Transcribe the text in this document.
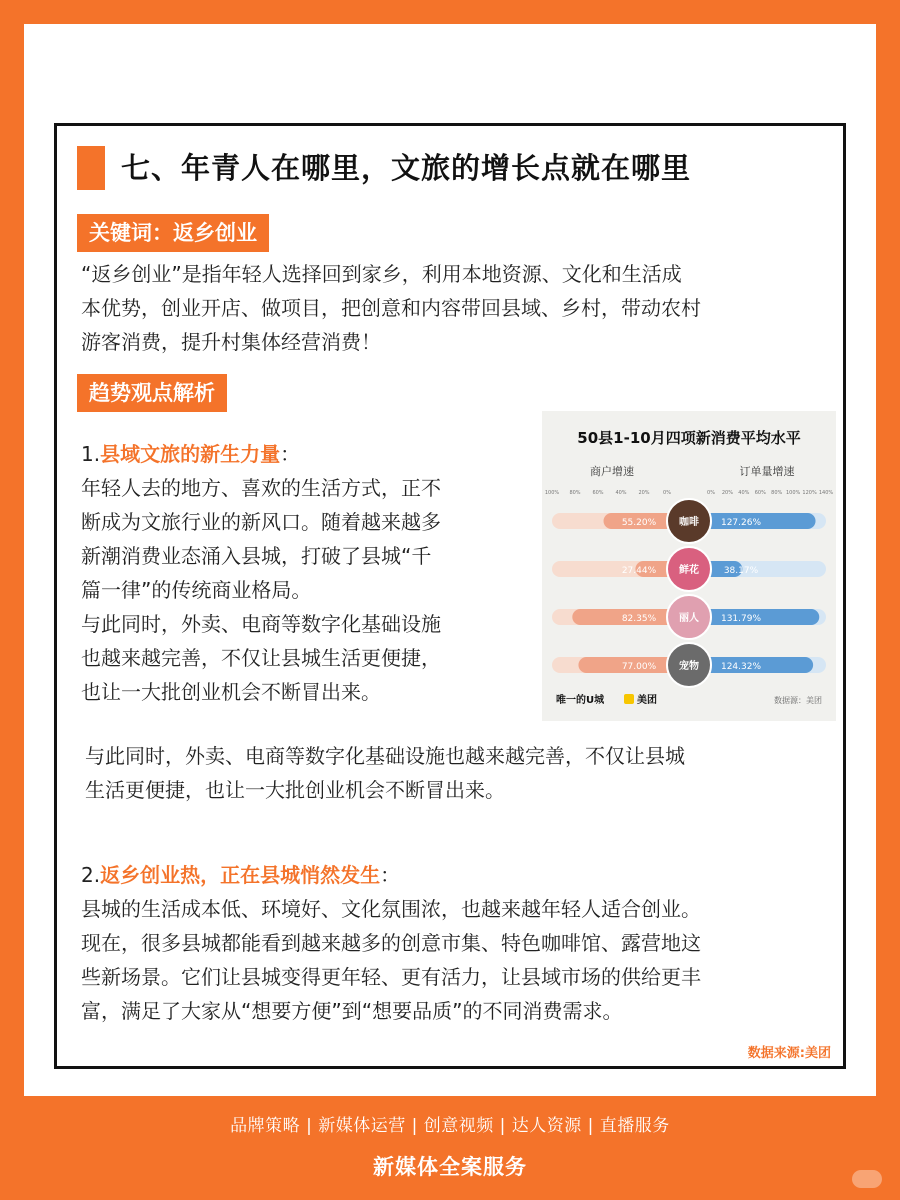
七、年青人在哪里，文旅的增长点就在哪里
关键词：返乡创业
“返乡创业”是指年轻人选择回到家乡，利用本地资源、文化和生活成
本优势，创业开店、做项目，把创意和内容带回县域、乡村，带动农村
游客消费，提升村集体经营消费！
趋势观点解析
1.县域文旅的新生力量：
年轻人去的地方、喜欢的生活方式，正不
断成为文旅行业的新风口。随着越来越多
新潮消费业态涌入县城，打破了县城“千
篇一律”的传统商业格局。
与此同时，外卖、电商等数字化基础设施
也越来越完善，不仅让县城生活更便捷，
也让一大批创业机会不断冒出来。
50县1-10月四项新消费平均水平
商户增速	订单量增速
100% 80% 60% 40% 20%	0%	0% 20% 40% 60% 80% 100% 120% 140%
55.20%	127.26%
咖啡
27.44%	38.17%
鲜花
82.35%	131.79%
丽人
77.00%	124.32%
宠物
唯一的U城	美团	数据源：美团
与此同时，外卖、电商等数字化基础设施也越来越完善，不仅让县城
生活更便捷，也让一大批创业机会不断冒出来。
2.返乡创业热，正在县城悄然发生：
县城的生活成本低、环境好、文化氛围浓，也越来越年轻人适合创业。
现在，很多县城都能看到越来越多的创意市集、特色咖啡馆、露营地这
些新场景。它们让县城变得更年轻、更有活力，让县域市场的供给更丰
富，满足了大家从“想要方便”到“想要品质”的不同消费需求。
数据来源:美团
品牌策略 | 新媒体运营 | 创意视频 | 达人资源 | 直播服务
新媒体全案服务
